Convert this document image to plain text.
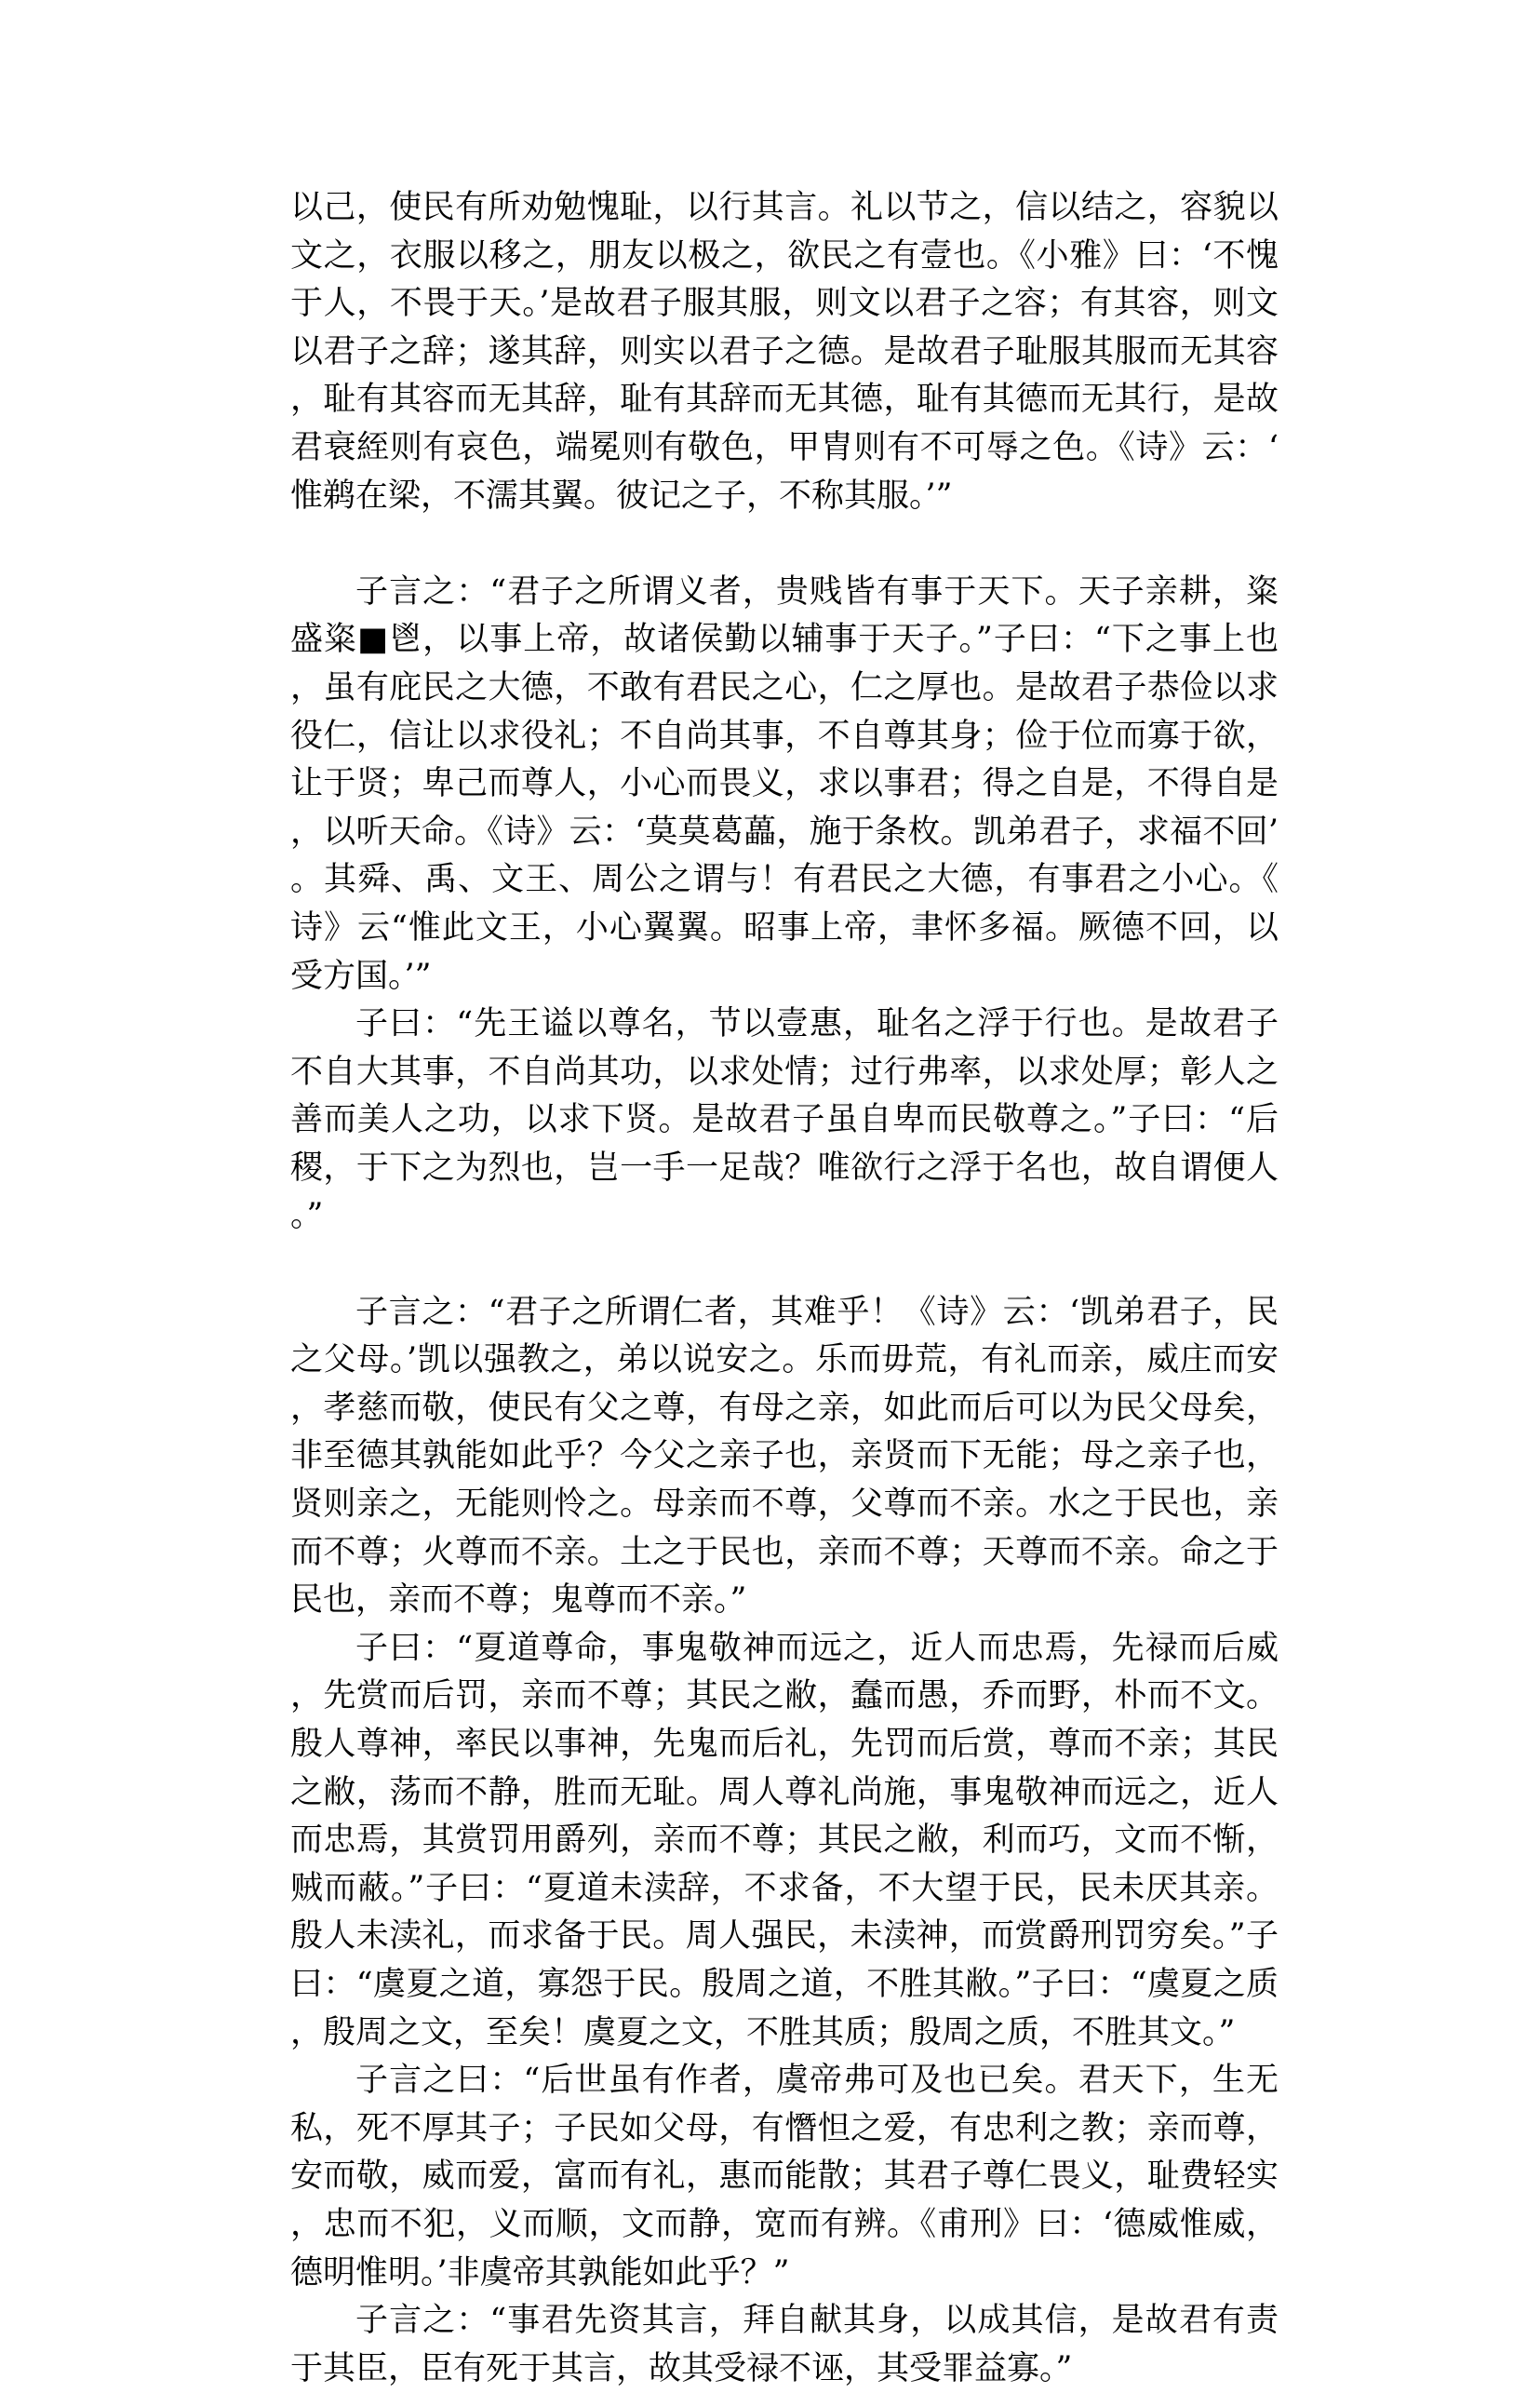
以己，使民有所劝勉愧耻，以行其言。礼以节之，信以结之，容貌以文之，衣服以移之，朋友以极之，欲民之有壹也。《小雅》曰：‘不愧于人，不畏于天。’是故君子服其服，则文以君子之容；有其容，则文以君子之辞；遂其辞，则实以君子之德。是故君子耻服其服而无其容，耻有其容而无其辞，耻有其辞而无其德，耻有其德而无其行，是故君衰絰则有哀色，端冕则有敬色，甲胄则有不可辱之色。《诗》云：‘惟鹈在梁，不濡其翼。彼记之子，不称其服。’”

子言之：“君子之所谓义者，贵贱皆有事于天下。天子亲耕，粢盛粢■鬯，以事上帝，故诸侯勤以辅事于天子。”子曰：“下之事上也，虽有庇民之大德，不敢有君民之心，仁之厚也。是故君子恭俭以求役仁，信让以求役礼；不自尚其事，不自尊其身；俭于位而寡于欲，让于贤；卑己而尊人，小心而畏义，求以事君；得之自是，不得自是，以听天命。《诗》云：‘莫莫葛藟，施于条枚。凯弟君子，求福不回’。其舜、禹、文王、周公之谓与！有君民之大德，有事君之小心。《诗》云“惟此文王，小心翼翼。昭事上帝，聿怀多福。厥德不回，以受方国。’”

子曰：“先王谥以尊名，节以壹惠，耻名之浮于行也。是故君子不自大其事，不自尚其功，以求处情；过行弗率，以求处厚；彰人之善而美人之功，以求下贤。是故君子虽自卑而民敬尊之。”子曰：“后稷，于下之为烈也，岂一手一足哉？唯欲行之浮于名也，故自谓便人。”

子言之：“君子之所谓仁者，其难乎！《诗》云：‘凯弟君子，民之父母。’凯以强教之，弟以说安之。乐而毋荒，有礼而亲，威庄而安，孝慈而敬，使民有父之尊，有母之亲，如此而后可以为民父母矣，非至德其孰能如此乎？今父之亲子也，亲贤而下无能；母之亲子也，贤则亲之，无能则怜之。母亲而不尊，父尊而不亲。水之于民也，亲而不尊；火尊而不亲。土之于民也，亲而不尊；天尊而不亲。命之于民也，亲而不尊；鬼尊而不亲。”

子曰：“夏道尊命，事鬼敬神而远之，近人而忠焉，先禄而后威，先赏而后罚，亲而不尊；其民之敝，蠢而愚，乔而野，朴而不文。殷人尊神，率民以事神，先鬼而后礼，先罚而后赏，尊而不亲；其民之敝，荡而不静，胜而无耻。周人尊礼尚施，事鬼敬神而远之，近人而忠焉，其赏罚用爵列，亲而不尊；其民之敝，利而巧，文而不惭，贼而蔽。”子曰：“夏道未渎辞，不求备，不大望于民，民未厌其亲。殷人未渎礼，而求备于民。周人强民，未渎神，而赏爵刑罚穷矣。”子曰：“虞夏之道，寡怨于民。殷周之道，不胜其敝。”子曰：“虞夏之质，殷周之文，至矣！虞夏之文，不胜其质；殷周之质，不胜其文。”

子言之曰：“后世虽有作者，虞帝弗可及也已矣。君天下，生无私，死不厚其子；子民如父母，有憯怛之爱，有忠利之教；亲而尊，安而敬，威而爱，富而有礼，惠而能散；其君子尊仁畏义，耻费轻实，忠而不犯，义而顺，文而静，宽而有辨。《甫刑》曰：‘德威惟威，德明惟明。’非虞帝其孰能如此乎？”

子言之：“事君先资其言，拜自献其身，以成其信，是故君有责于其臣，臣有死于其言，故其受禄不诬，其受罪益寡。”
